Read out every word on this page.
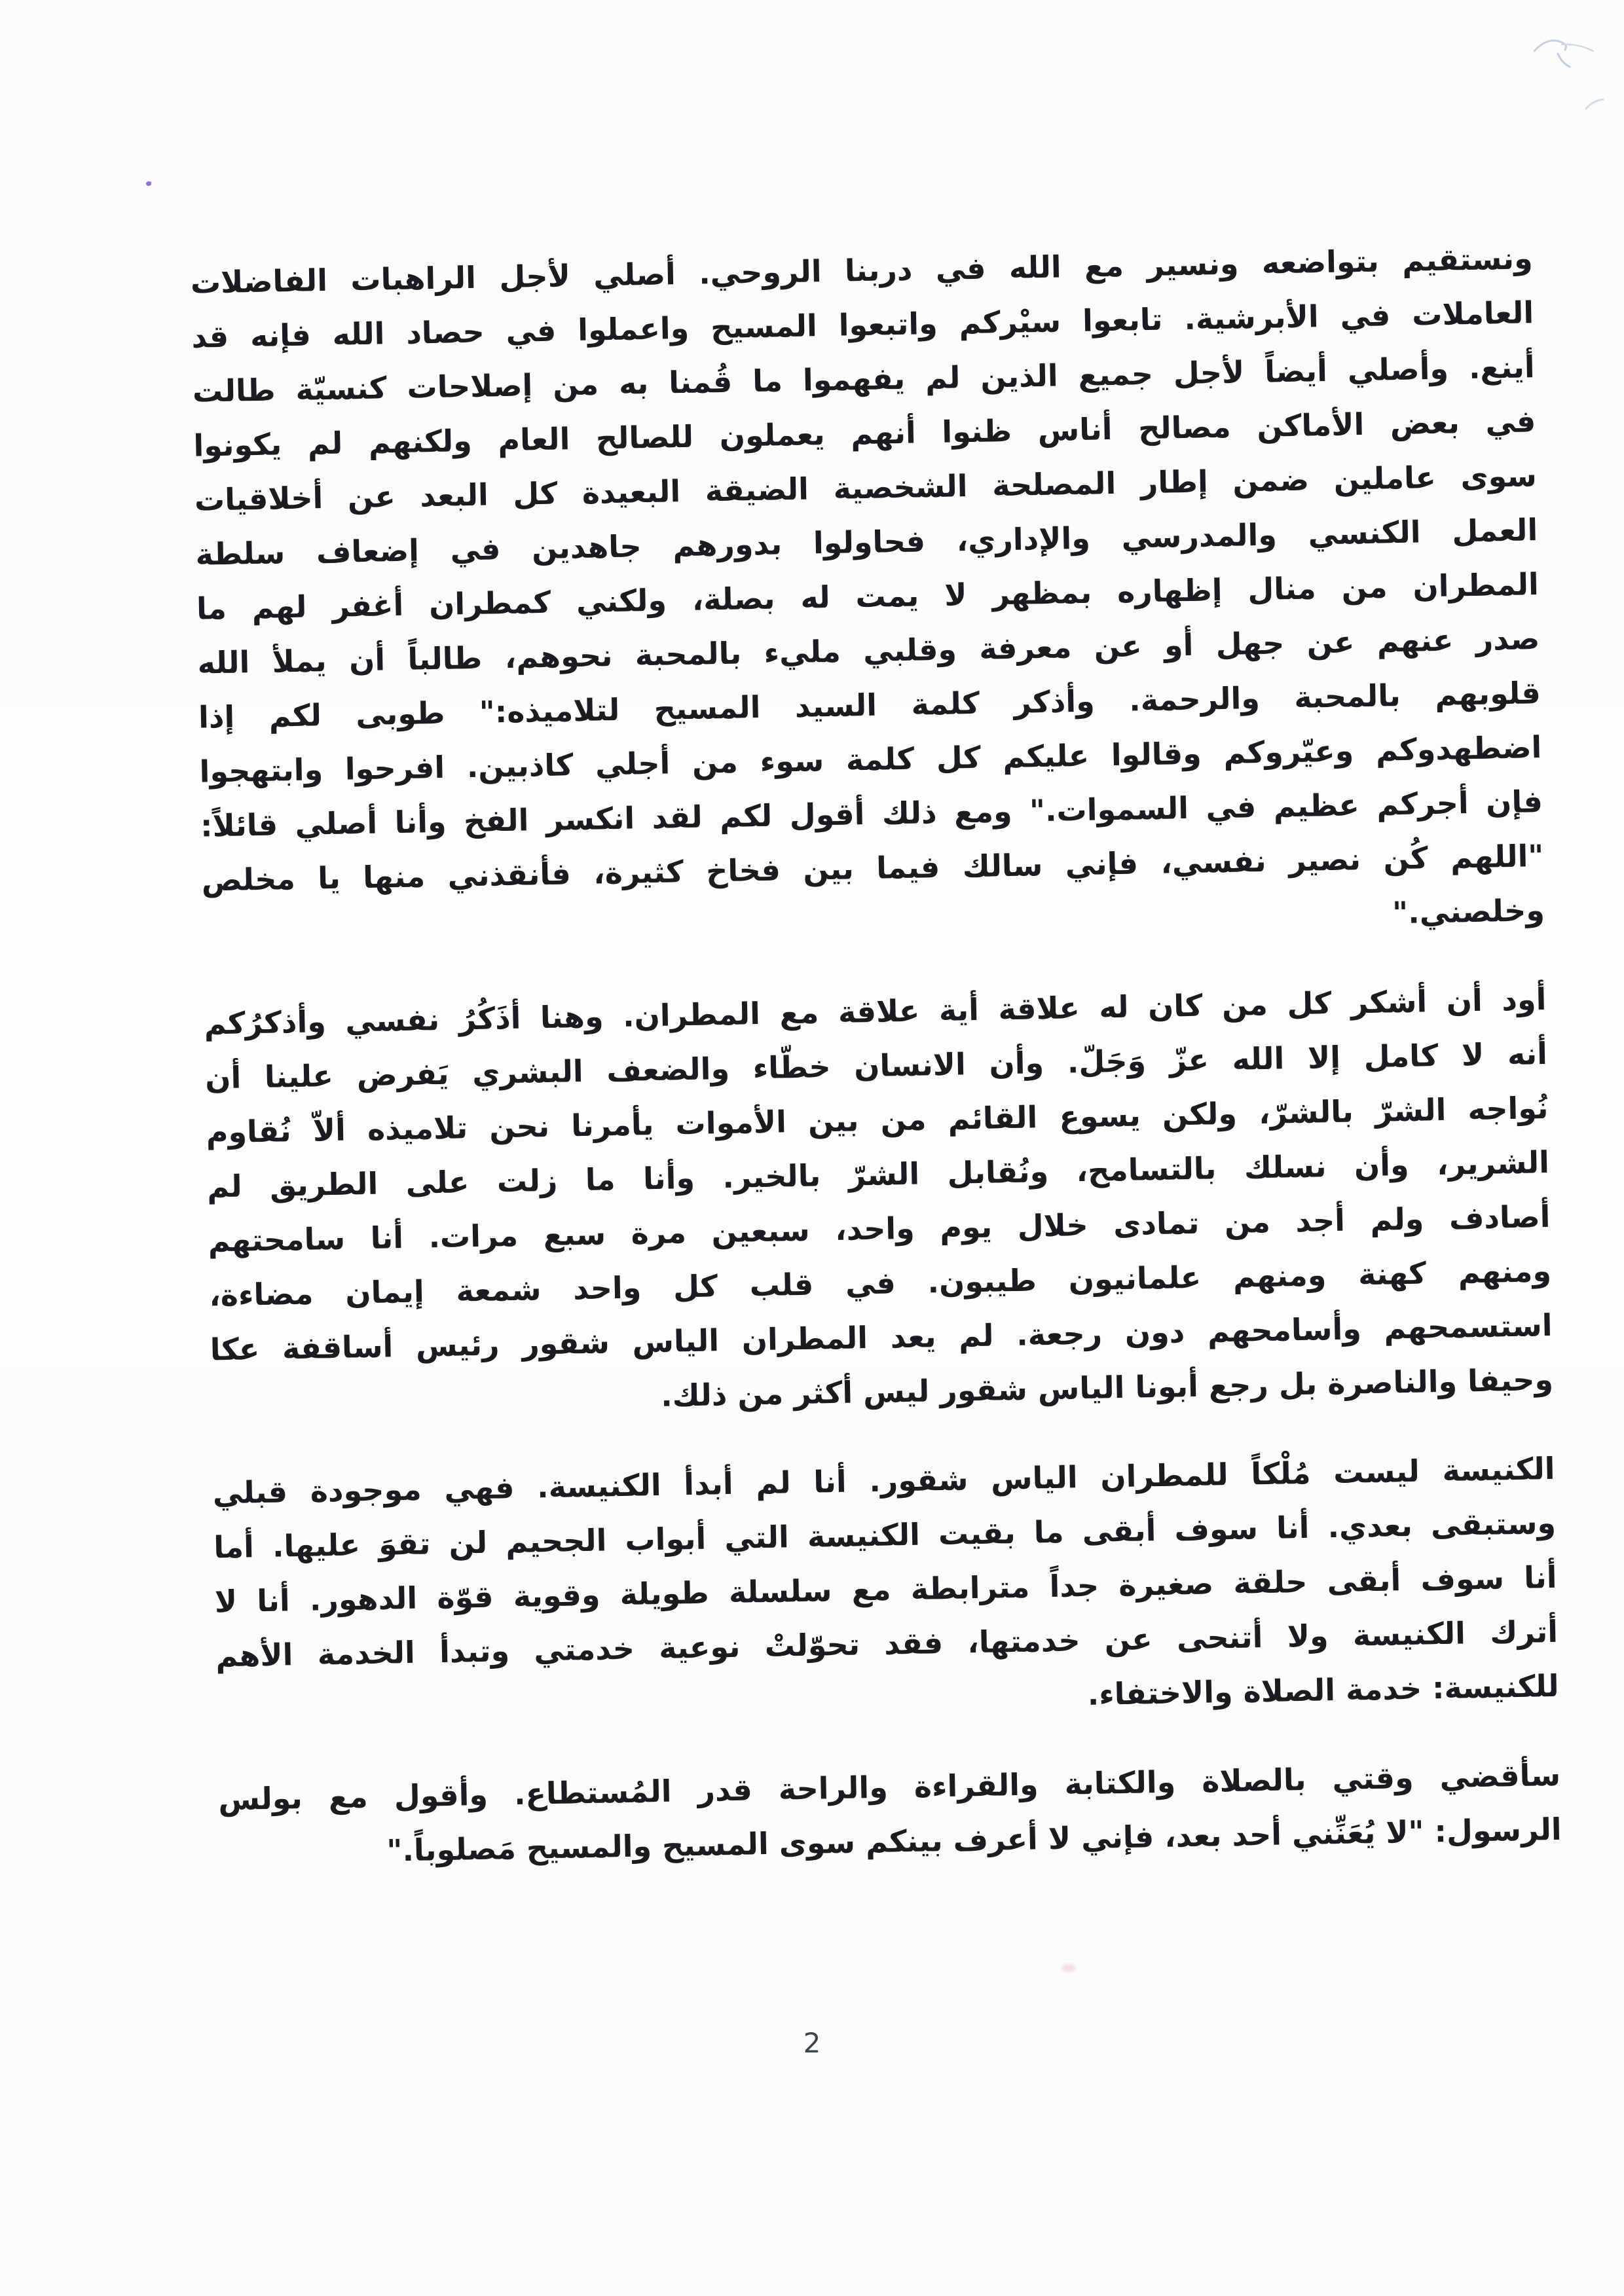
ونستقيم بتواضعه ونسير مع الله في دربنا الروحي. أصلي لأجل الراهبات الفاضلات
العاملات في الأبرشية. تابعوا سيْركم واتبعوا المسيح واعملوا في حصاد الله فإنه قد
أينع. وأصلي أيضاً لأجل جميع الذين لم يفهموا ما قُمنا به من إصلاحات كنسيّة طالت
في بعض الأماكن مصالح أناس ظنوا أنهم يعملون للصالح العام ولكنهم لم يكونوا
سوى عاملين ضمن إطار المصلحة الشخصية الضيقة البعيدة كل البعد عن أخلاقيات
العمل الكنسي والمدرسي والإداري، فحاولوا بدورهم جاهدين في إضعاف سلطة
المطران من منال إظهاره بمظهر لا يمت له بصلة، ولكني كمطران أغفر لهم ما
صدر عنهم عن جهل أو عن معرفة وقلبي مليء بالمحبة نحوهم، طالباً أن يملأ الله
قلوبهم بالمحبة والرحمة. وأذكر كلمة السيد المسيح لتلاميذه:" طوبى لكم إذا
اضطهدوكم وعيّروكم وقالوا عليكم كل كلمة سوء من أجلي كاذبين. افرحوا وابتهجوا
فإن أجركم عظيم في السموات." ومع ذلك أقول لكم لقد انكسر الفخ وأنا أصلي قائلاً:
"اللهم كُن نصير نفسي، فإني سالك فيما بين فخاخ كثيرة، فأنقذني منها يا مخلص
وخلصني."
أود أن أشكر كل من كان له علاقة أية علاقة مع المطران. وهنا أذَكُرُ نفسي وأذكرُكم
أنه لا كامل إلا الله عزّ وَجَلّ. وأن الانسان خطّاء والضعف البشري يَفرض علينا أن
نُواجه الشرّ بالشرّ، ولكن يسوع القائم من بين الأموات يأمرنا نحن تلاميذه ألاّ نُقاوم
الشرير، وأن نسلك بالتسامح، ونُقابل الشرّ بالخير. وأنا ما زلت على الطريق لم
أصادف ولم أجد من تمادى خلال يوم واحد، سبعين مرة سبع مرات. أنا سامحتهم
ومنهم كهنة ومنهم علمانيون طيبون. في قلب كل واحد شمعة إيمان مضاءة،
استسمحهم وأسامحهم دون رجعة. لم يعد المطران الياس شقور رئيس أساقفة عكا
وحيفا والناصرة بل رجع أبونا الياس شقور ليس أكثر من ذلك.
الكنيسة ليست مُلْكاً للمطران الياس شقور. أنا لم أبدأ الكنيسة. فهي موجودة قبلي
وستبقى بعدي. أنا سوف أبقى ما بقيت الكنيسة التي أبواب الجحيم لن تقوَ عليها. أما
أنا سوف أبقى حلقة صغيرة جداً مترابطة مع سلسلة طويلة وقوية قوّة الدهور. أنا لا
أترك الكنيسة ولا أتنحى عن خدمتها، فقد تحوّلتْ نوعية خدمتي وتبدأ الخدمة الأهم
للكنيسة: خدمة الصلاة والاختفاء.
سأقضي وقتي بالصلاة والكتابة والقراءة والراحة قدر المُستطاع. وأقول مع بولس
الرسول: "لا يُعَنِّني أحد بعد، فإني لا أعرف بينكم سوى المسيح والمسيح مَصلوباً."
2
